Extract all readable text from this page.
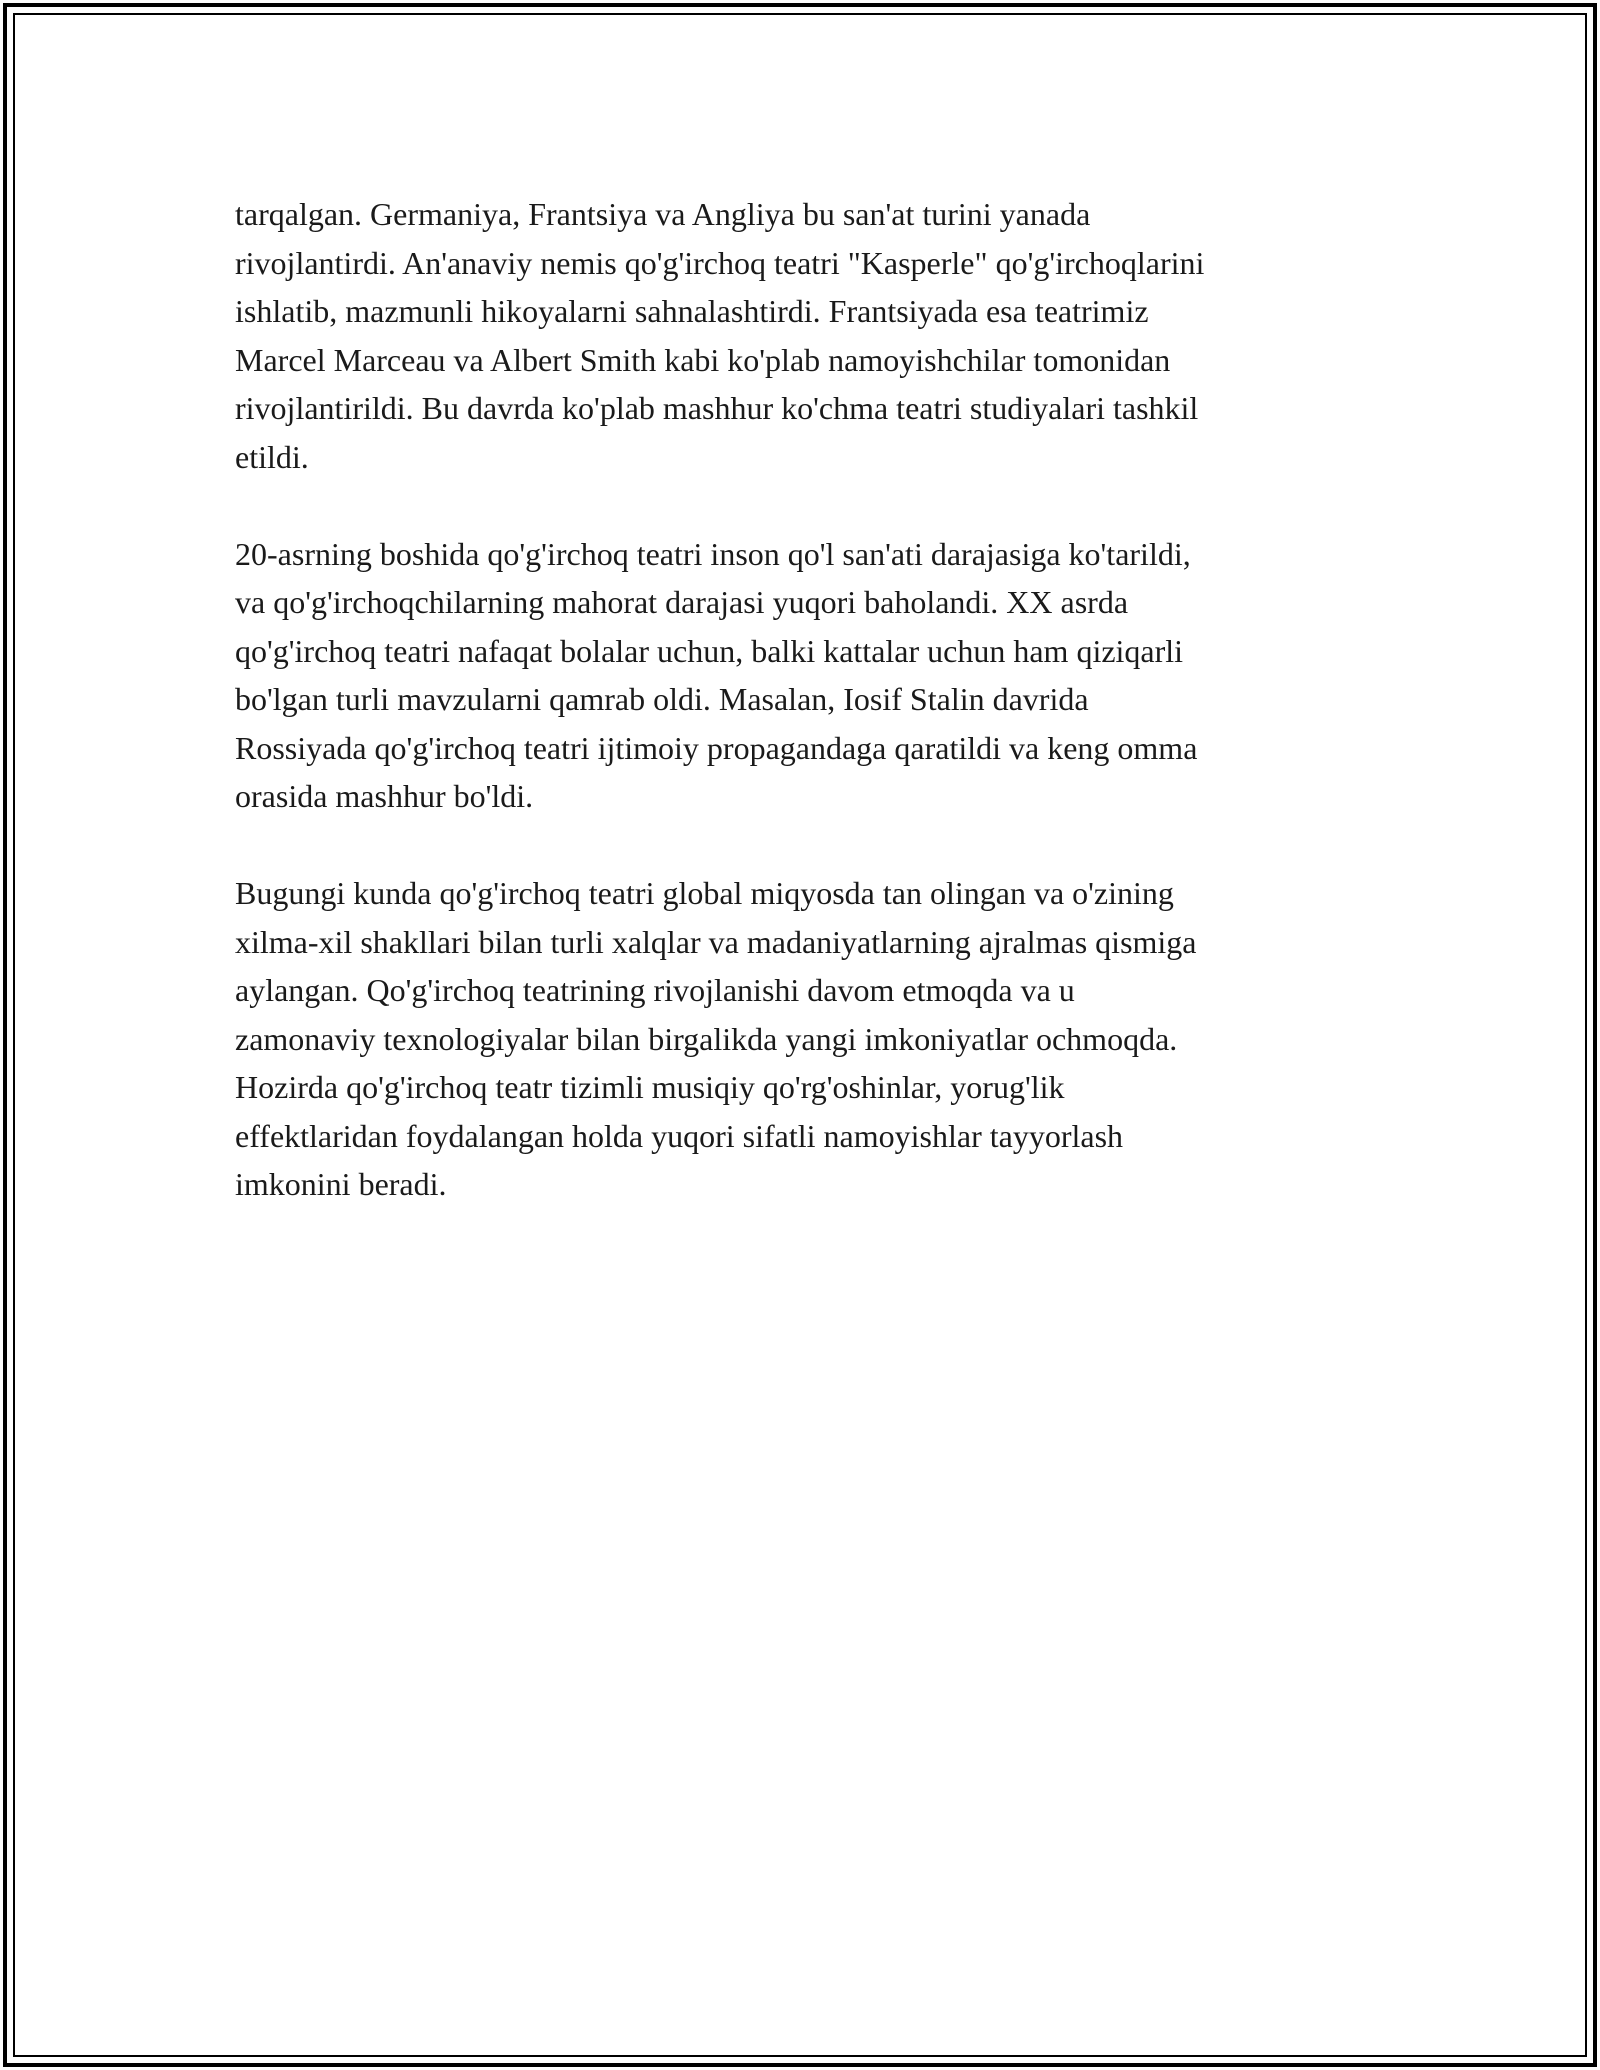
tarqalgan. Germaniya, Frantsiya va Angliya bu san'at turini yanada
rivojlantirdi. An'anaviy nemis qo'g'irchoq teatri "Kasperle" qo'g'irchoqlarini
ishlatib, mazmunli hikoyalarni sahnalashtirdi. Frantsiyada esa teatrimiz
Marcel Marceau va Albert Smith kabi ko'plab namoyishchilar tomonidan
rivojlantirildi. Bu davrda ko'plab mashhur ko'chma teatri studiyalari tashkil
etildi.

20-asrning boshida qo'g'irchoq teatri inson qo'l san'ati darajasiga ko'tarildi,
va qo'g'irchoqchilarning mahorat darajasi yuqori baholandi. XX asrda
qo'g'irchoq teatri nafaqat bolalar uchun, balki kattalar uchun ham qiziqarli
bo'lgan turli mavzularni qamrab oldi. Masalan, Iosif Stalin davrida
Rossiyada qo'g'irchoq teatri ijtimoiy propagandaga qaratildi va keng omma
orasida mashhur bo'ldi.

Bugungi kunda qo'g'irchoq teatri global miqyosda tan olingan va o'zining
xilma-xil shakllari bilan turli xalqlar va madaniyatlarning ajralmas qismiga
aylangan. Qo'g'irchoq teatrining rivojlanishi davom etmoqda va u
zamonaviy texnologiyalar bilan birgalikda yangi imkoniyatlar ochmoqda.
Hozirda qo'g'irchoq teatr tizimli musiqiy qo'rg'oshinlar, yorug'lik
effektlaridan foydalangan holda yuqori sifatli namoyishlar tayyorlash
imkonini beradi.
